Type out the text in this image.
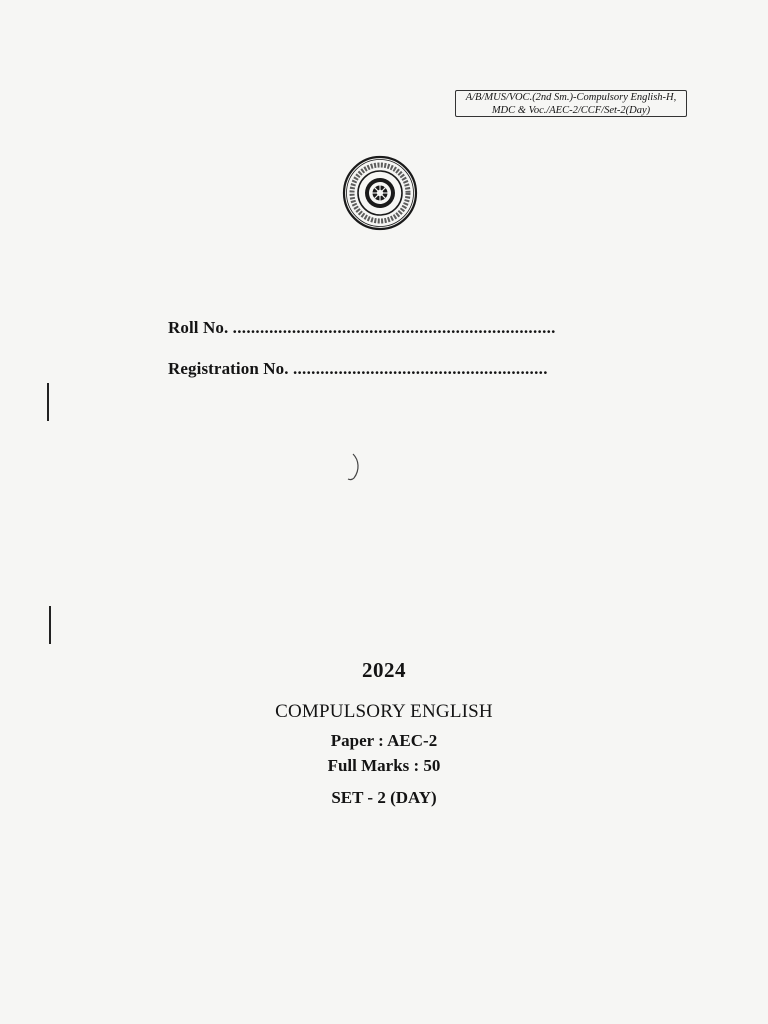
A/B/MUS/VOC.(2nd Sm.)-Compulsory English-H,
MDC & Voc./AEC-2/CCF/Set-2(Day)
Roll No. .......................................................................
Registration No. ........................................................
2024
COMPULSORY ENGLISH
Paper : AEC-2
Full Marks : 50
SET - 2 (DAY)
